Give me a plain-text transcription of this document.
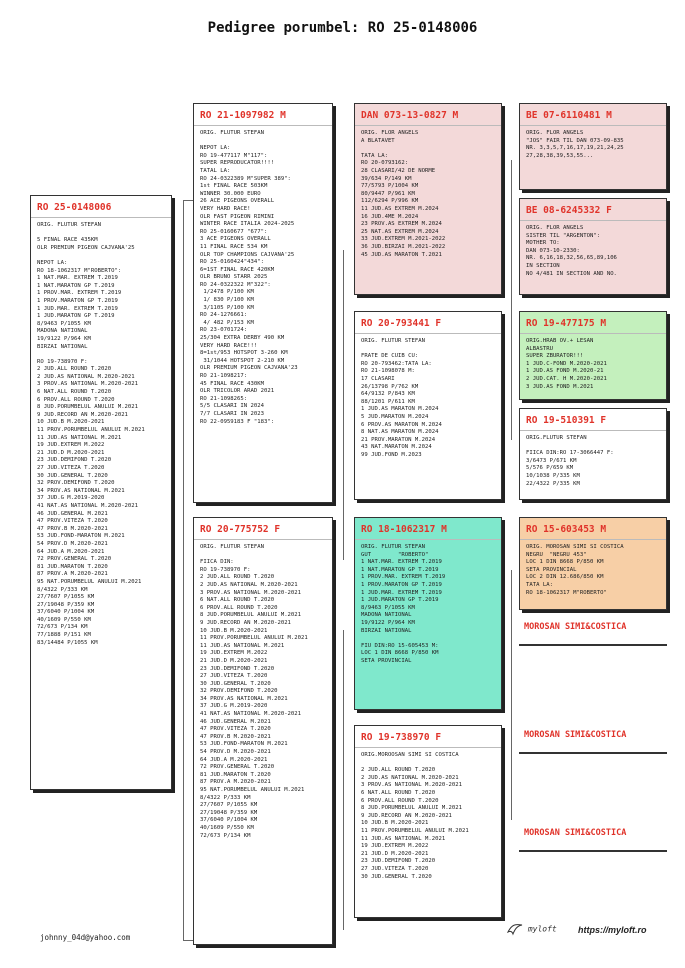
Pedigree porumbel: RO 25-0148006
RO 25-0148006
ORIG. FLUTUR STEFAN

5 FINAL RACE 435KM
OLR PREMIUM PIGEON CAJVANA'25

NEPOT LA:
RO 18-1062317 M"ROBERTO":
1 NAT.MAR. EXTREM T.2019
1 NAT.MARATON GP T.2019
1 PROV.MAR. EXTREM T.2019
1 PROV.MARATON GP T.2019
1 JUD.MAR. EXTREM T.2019
1 JUD.MARATON GP T.2019
8/9463 P/1055 KM
MADONA NATIONAL
19/9122 P/964 KM
BIRZAI NATIONAL

RO 19-738970 F:
2 JUD.ALL ROUND T.2020
2 JUD.AS NATIONAL M.2020-2021
3 PROV.AS NATIONAL M.2020-2021
6 NAT.ALL ROUND T.2020
6 PROV.ALL ROUND T.2020
8 JUD.PORUMBELUL ANULUI M.2021
9 JUD.RECORD AN M.2020-2021
10 JUD.B M.2020-2021
11 PROV.PORUMBELUL ANULUI M.2021
11 JUD.AS NATIONAL M.2021
19 JUD.EXTREM M.2022
21 JUD.D M.2020-2021
23 JUD.DEMIFOND T.2020
27 JUD.VITEZA T.2020
30 JUD.GENERAL T.2020
32 PROV.DEMIFOND T.2020
34 PROV.AS NATIONAL M.2021
37 JUD.G M.2019-2020
41 NAT.AS NATIONAL M.2020-2021
46 JUD.GENERAL M.2021
47 PROV.VITEZA T.2020
47 PROV.B M.2020-2021
53 JUD.FOND-MARATON M.2021
54 PROV.D M.2020-2021
64 JUD.A M.2020-2021
72 PROV.GENERAL T.2020
81 JUD.MARATON T.2020
87 PROV.A M.2020-2021
95 NAT.PORUMBELUL ANULUI M.2021
8/4322 P/333 KM
27/7607 P/1055 KM
27/19048 P/359 KM
37/6040 P/1004 KM
40/1609 P/550 KM
72/673 P/134 KM
77/1888 P/151 KM
83/14484 P/1055 KM
RO 21-1097982 M
ORIG. FLUTUR STEFAN

NEPOT LA:
RO 19-477117 M"117":
SUPER REPRODUCATOR!!!!
TATAL LA:
RO 24-0322389 M"SUPER 389":
1st FINAL RACE 503KM
WINNER 30.000 EURO
26 ACE PIGEONS OVERALL
VERY HARD RACE!
OLR FAST PIGEON RIMINI
WINTER RACE ITALIA 2024-2025
RO 25-0160677 "677":
3 ACE PIGEONS OVERALL
11 FINAL RACE 534 KM
OLR TOP CHAMPIONS CAJVANA'25
RO 25-0160424"434":
6=1ST FINAL RACE 420KM
OLR BRUNO STARR 2025
RO 24-0322322 M"322":
1/2478 P/100 KM
1/ 830 P/100 KM
3/1105 P/100 KM
RO 24-1276661:
4/ 482 P/153 KM
RO 23-0701724:
25/304 EXTRA DERBY 490 KM
VERY HARD RACE!!!
8=1st/953 HOTSPOT 3-260 KM
31/1044 HOTSPOT 2-210 KM
OLR PREMIUM PIGEON CAJVANA'23
RO 21-1098217:
45 FINAL RACE 430KM
OLR TRICOLOR ARAD 2021
RO 21-1098265:
5/5 CLASARI IN 2024
7/7 CLASARI IN 2023
RO 22-0959183 F "183":
RO 20-775752 F
ORIG. FLUTUR STEFAN

FIICA DIN:
RO 19-738970 F:
2 JUD.ALL ROUND T.2020
2 JUD.AS NATIONAL M.2020-2021
3 PROV.AS NATIONAL M.2020-2021
6 NAT.ALL ROUND T.2020
6 PROV.ALL ROUND T.2020
8 JUD.PORUMBELUL ANULUI M.2021
9 JUD.RECORD AN M.2020-2021
10 JUD.B M.2020-2021
11 PROV.PORUMBELUL ANULUI M.2021
11 JUD.AS NATIONAL M.2021
19 JUD.EXTREM M.2022
21 JUD.D M.2020-2021
23 JUD.DEMIFOND T.2020
27 JUD.VITEZA T.2020
30 JUD.GENERAL T.2020
32 PROV.DEMIFOND T.2020
34 PROV.AS NATIONAL M.2021
37 JUD.G M.2019-2020
41 NAT.AS NATIONAL M.2020-2021
46 JUD.GENERAL M.2021
47 PROV.VITEZA T.2020
47 PROV.B M.2020-2021
53 JUD.FOND-MARATON M.2021
54 PROV.D M.2020-2021
64 JUD.A M.2020-2021
72 PROV.GENERAL T.2020
81 JUD.MARATON T.2020
87 PROV.A M.2020-2021
95 NAT.PORUMBELUL ANULUI M.2021
8/4322 P/333 KM
27/7607 P/1055 KM
27/19048 P/359 KM
37/6040 P/1004 KM
40/1609 P/550 KM
72/673 P/134 KM
DAN 073-13-0827 M
ORIG. FLOR ANGELS
A BLATAVET

TATA LA:
RO 20-0793162:
28 CLASARI/42 DE NORME
39/634 P/149 KM
77/5793 P/1004 KM
80/9447 P/961 KM
112/6294 P/996 KM
11 JUD.AS EXTREM M.2024
16 JUD.4ME M.2024
23 PROV.AS EXTREM M.2024
25 NAT.AS EXTREM M.2024
33 JUD.EXTREM M.2021-2022
36 JUD.BIRZAI M.2021-2022
45 JUD.AS MARATON T.2021
RO 20-793441 F
ORIG. FLUTUR STEFAN

FRATE DE CUIB CU:
RO 20-793462:TATA LA:
RO 21-1098078 M:
17 CLASARI
26/13798 P/762 KM
64/9132 P/843 KM
88/1201 P/611 KM
1 JUD.AS MARATON M.2024
5 JUD.MARATON M.2024
6 PROV.AS MARATON M.2024
8 NAT.AS MARATON M.2024
21 PROV.MARATON M.2024
43 NAT.MARATON M.2024
99 JUD.FOND M.2023
RO 18-1062317 M
ORIG. FLUTUR STEFAN
GUT        "ROBERTO"
1 NAT.MAR. EXTREM T.2019
1 NAT.MARATON GP T.2019
1 PROV.MAR. EXTREM T.2019
1 PROV.MARATON GP T.2019
1 JUD.MAR. EXTREM T.2019
1 JUD.MARATON GP T.2019
8/9463 P/1055 KM
MADONA NATIONAL
19/9122 P/964 KM
BIRZAI NATIONAL

FIU DIN:RO 15-605453 M:
LOC 1 DIN 8668 P/850 KM
SETA PROVINCIAL
RO 19-738970 F
ORIG.MOROOSAN SIMI SI COSTICA

2 JUD.ALL ROUND T.2020
2 JUD.AS NATIONAL M.2020-2021
3 PROV.AS NATIONAL M.2020-2021
6 NAT.ALL ROUND T.2020
6 PROV.ALL ROUND T.2020
8 JUD.PORUMBELUL ANULUI M.2021
9 JUD.RECORD AN M.2020-2021
10 JUD.B M.2020-2021
11 PROV.PORUMBELUL ANULUI M.2021
11 JUD.AS NATIONAL M.2021
19 JUD.EXTREM M.2022
21 JUD.D M.2020-2021
23 JUD.DEMIFOND T.2020
27 JUD.VITEZA T.2020
30 JUD.GENERAL T.2020
BE 07-6110481 M
ORIG. FLOR ANGELS
"JOS" FAIR TIL DAN 073-09-835
NR. 3,3,5,7,16,17,19,21,24,25
27,28,38,39,53,55...
BE 08-6245332 F
ORIG. FLOR ANGELS
SISTER TIL "ARGENTON":
MOTHER TO:
DAN 073-10-2330:
NR. 6,16,18,32,56,65,89,106
IN SECTION
NO 4/481 IN SECTION AND NO.
RO 19-477175 M
ORIG.HRAB OV.+ LESAN
ALBASTRU
SUPER ZBURATOR!!!
1 JUD.C-FOND M.2020-2021
1 JUD.AS FOND M.2020-21
2 JUD.CAT. H M.2020-2021
3 JUD.AS FOND M.2021
RO 19-510391 F
ORIG.FLUTUR STEFAN

FIICA DIN:RO 17-3066447 F:
3/6473 P/671 KM
5/576 P/659 KM
10/1038 P/335 KM
22/4322 P/335 KM
RO 15-603453 M
ORIG. MOROSAN SIMI SI COSTICA
NEGRU  "NEGRU 453"
LOC 1 DIN 8668 P/850 KM
SETA PROVINCIAL
LOC 2 DIN 12.686/850 KM
TATA LA:
RO 18-1062317 M"ROBERTO"
MOROSAN SIMI&COSTICA
MOROSAN SIMI&COSTICA
MOROSAN SIMI&COSTICA
johnny_04d@yahoo.com
myloft https://myloft.ro
